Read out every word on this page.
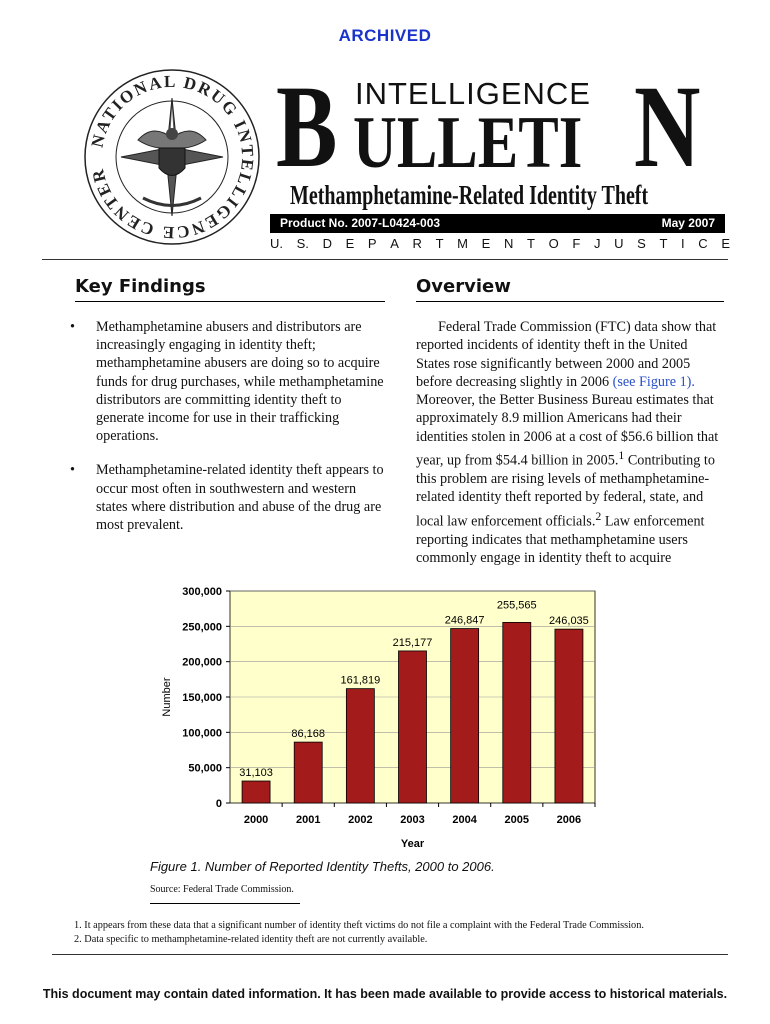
ARCHIVED
NATIONAL DRUG INTELLIGENCE CENTER	B INTELLIGENCE
ULLETI N
Methamphetamine-Related Identity Theft
Product No. 2007-L0424-003	May 2007
U. S. D E P A R T M E N T O F J U S T I C E
Key Findings
• Methamphetamine abusers and distributors are increasingly engaging in identity theft; methamphetamine abusers are doing so to acquire funds for drug purchases, while methamphetamine distributors are committing identity theft to generate income for use in their trafficking operations.
• Methamphetamine-related identity theft appears to occur most often in southwestern and western states where distribution and abuse of the drug are most prevalent.
Overview

Federal Trade Commission (FTC) data show that reported incidents of identity theft in the United States rose significantly between 2000 and 2005 before decreasing slightly in 2006 (see Figure 1). Moreover, the Better Business Bureau estimates that approximately 8.9 million Americans had their identities stolen in 2006 at a cost of $56.6 billion that year, up from $54.4 billion in 2005.$^1$ Contributing to this problem are rising levels of methamphetamine-related identity theft reported by federal, state, and local law enforcement officials.$^2$ Law enforcement reporting indicates that methamphetamine users commonly engage in identity theft to acquire

0
50,000
100,000
150,000
200,000
250,000
300,000
2000
31,103
2001
86,168
2002
161,819
2003
215,177
2004
246,847
2005
255,565
2006
246,035
Year
Number
Figure 1. Number of Reported Identity Thefts, 2000 to 2006.
Source: Federal Trade Commission.
1. It appears from these data that a significant number of identity theft victims do not file a complaint with the Federal Trade Commission.
2. Data specific to methamphetamine-related identity theft are not currently available.
This document may contain dated information. It has been made available to provide access to historical materials.
